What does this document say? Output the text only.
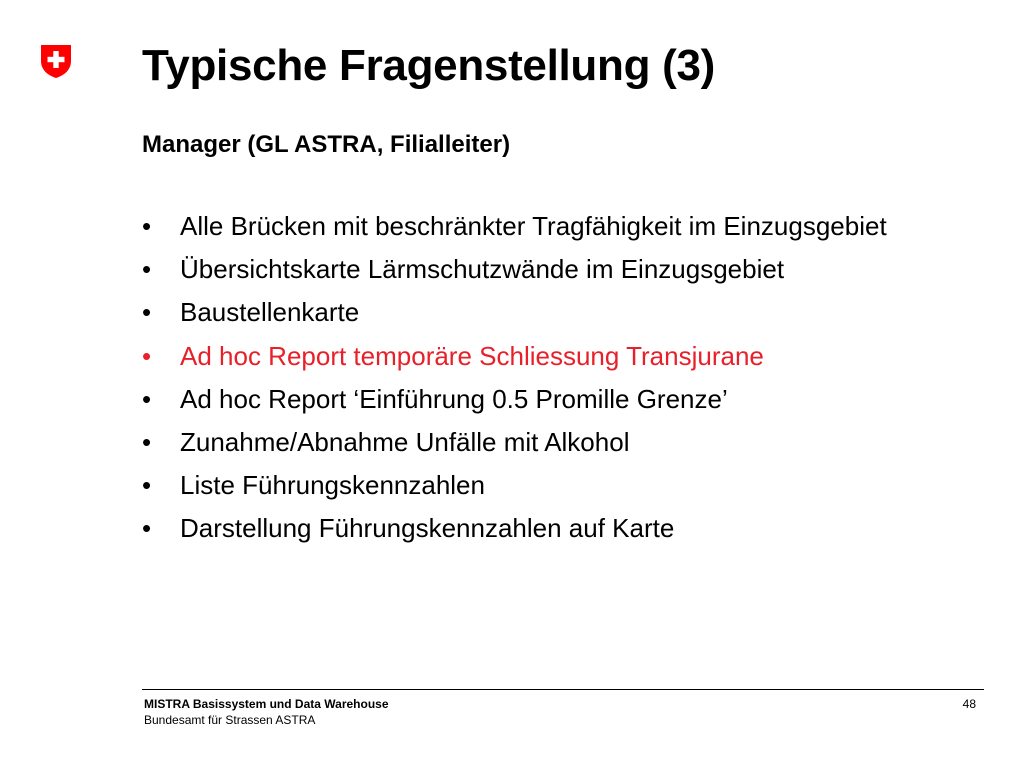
Typische Fragenstellung (3)
Manager (GL ASTRA, Filialleiter)
•	Alle Brücken mit beschränkter Tragfähigkeit im Einzugsgebiet
•	Übersichtskarte Lärmschutzwände im Einzugsgebiet
•	Baustellenkarte
•	Ad hoc Report temporäre Schliessung Transjurane
•	Ad hoc Report ‘Einführung 0.5 Promille Grenze’
•	Zunahme/Abnahme Unfälle mit Alkohol
•	Liste Führungskennzahlen
•	Darstellung Führungskennzahlen auf Karte
MISTRA Basissystem und Data Warehouse
Bundesamt für Strassen ASTRA
48
